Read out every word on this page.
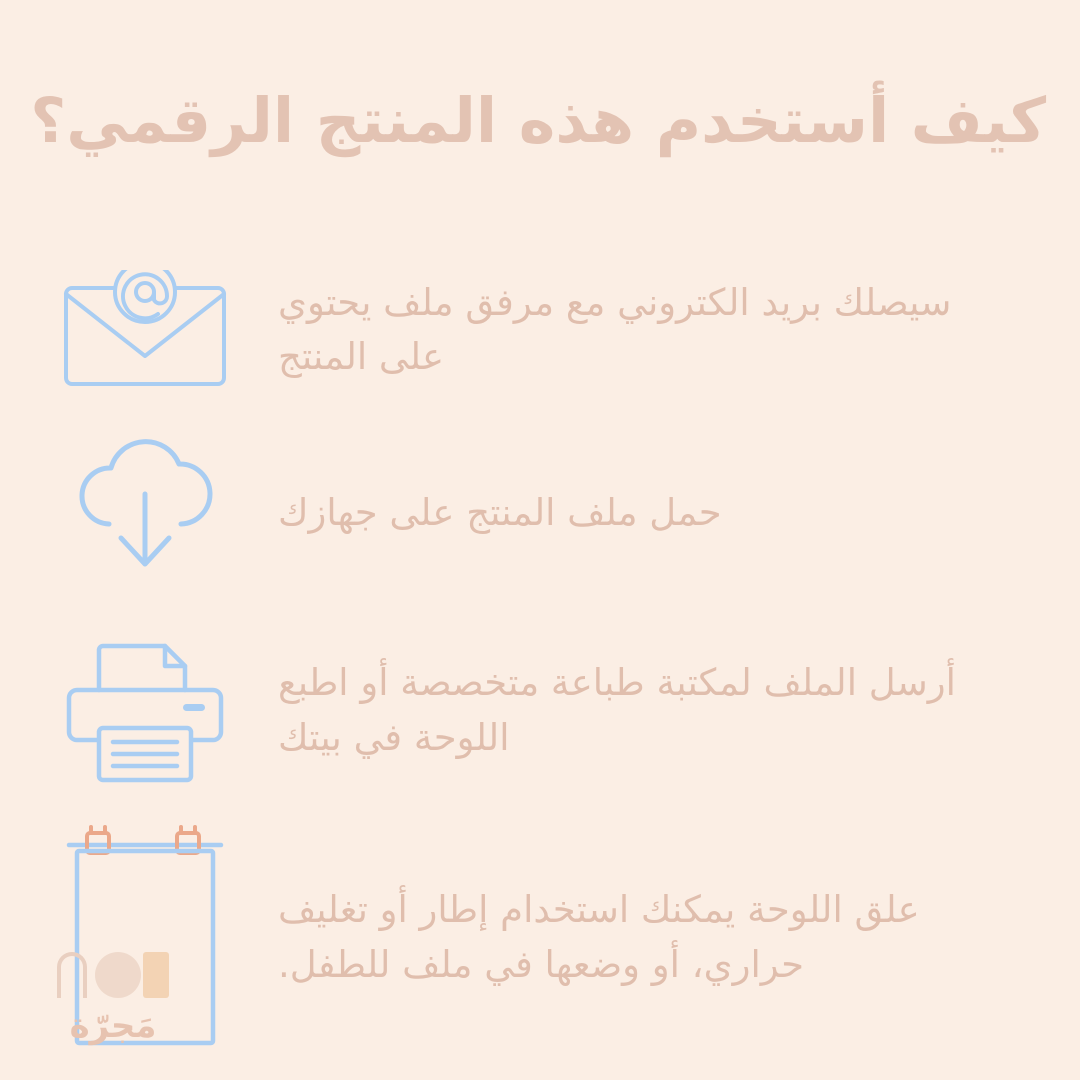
كيف أستخدم هذه المنتج الرقمي؟
سيصلك بريد الكتروني مع مرفق ملف يحتوي على المنتج
حمل ملف المنتج على جهازك
أرسل الملف لمكتبة طباعة متخصصة أو اطبع اللوحة في بيتك
علق اللوحة يمكنك استخدام إطار أو تغليف حراري، أو وضعها في ملف للطفل.
مَجرّة
